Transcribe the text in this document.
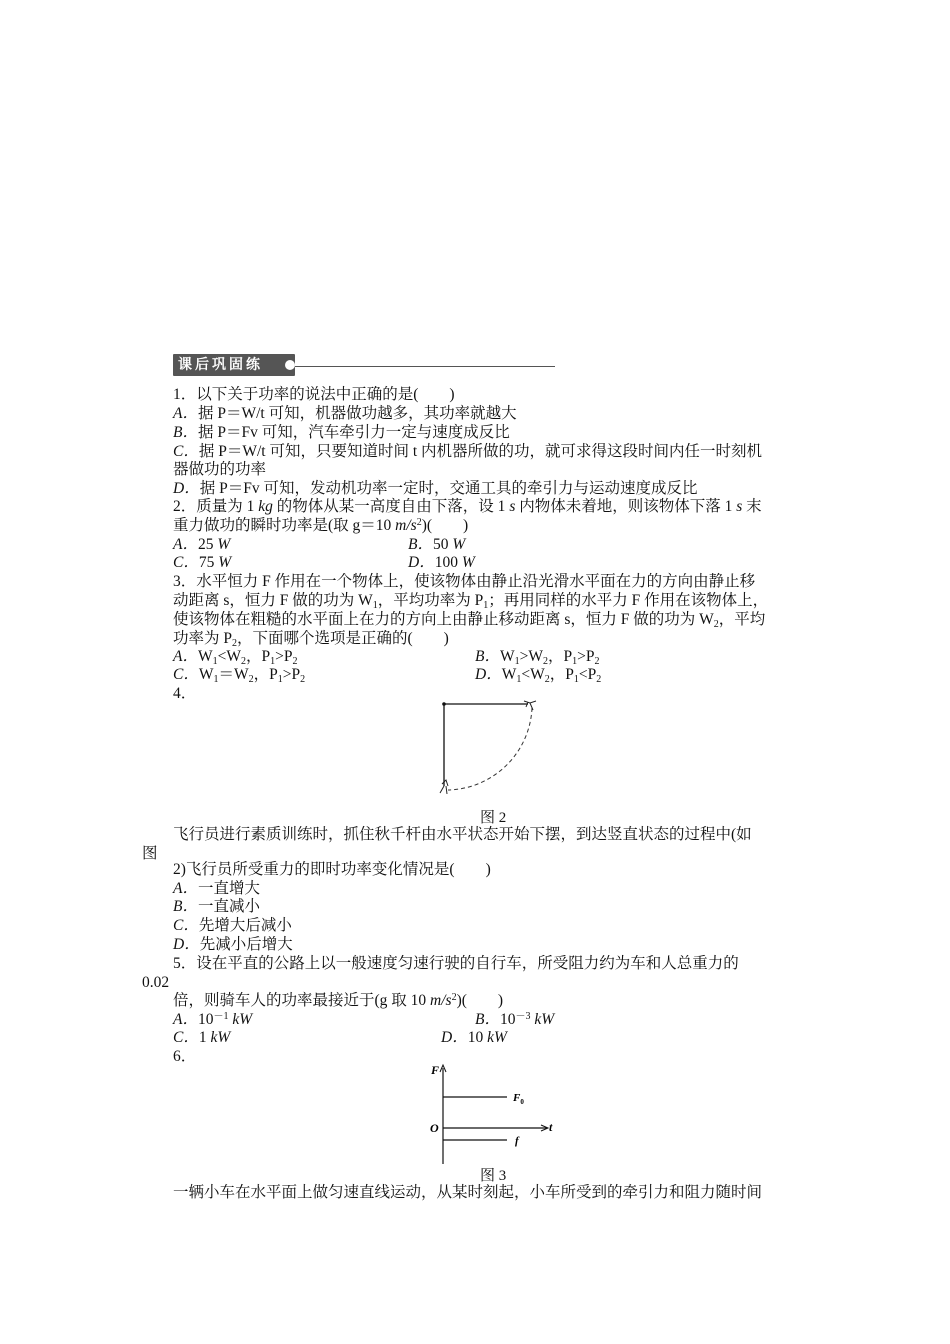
课后巩固练
1．以下关于功率的说法中正确的是(　　)
A．据 P＝W/t 可知，机器做功越多，其功率就越大
B．据 P＝Fv 可知，汽车牵引力一定与速度成反比
C．据 P＝W/t 可知，只要知道时间 t 内机器所做的功，就可求得这段时间内任一时刻机
器做功的功率
D．据 P＝Fv 可知，发动机功率一定时，交通工具的牵引力与运动速度成反比
2．质量为 1 kg 的物体从某一高度自由下落，设 1 s 内物体未着地，则该物体下落 1 s 末
重力做功的瞬时功率是(取 g＝10 $m/s^2$)(　　)
A．25 W	B．50 W
C．75 W	D．100 W
3．水平恒力 F 作用在一个物体上，使该物体由静止沿光滑水平面在力的方向由静止移
动距离 s，恒力 F 做的功为 $W_1$，平均功率为 $P_1$；再用同样的水平力 F 作用在该物体上，
使该物体在粗糙的水平面上在力的方向上由静止移动距离 s，恒力 F 做的功为 $W_2$，平均
功率为 $P_2$，下面哪个选项是正确的(　　)
A．$W_1<W_2$，$P_1>P_2$	B．$W_1>W_2$，$P_1>P_2$
C．$W_1=W_2$，$P_1>P_2$	D．$W_1<W_2$，$P_1<P_2$
4．
图 2
飞行员进行素质训练时，抓住秋千杆由水平状态开始下摆，到达竖直状态的过程中(如
图
2)飞行员所受重力的即时功率变化情况是(　　)
A．一直增大
B．一直减小
C．先增大后减小
D．先减小后增大
5．设在平直的公路上以一般速度匀速行驶的自行车，所受阻力约为车和人总重力的
0.02
倍，则骑车人的功率最接近于(g 取 10 $m/s^2$)(　　)
A．$10^{-1}$ kW	B．$10^{-3}$ kW
C．1 kW	D．10 kW
6．
F
t
O
$F_0$
f
图 3
一辆小车在水平面上做匀速直线运动，从某时刻起，小车所受到的牵引力和阻力随时间
